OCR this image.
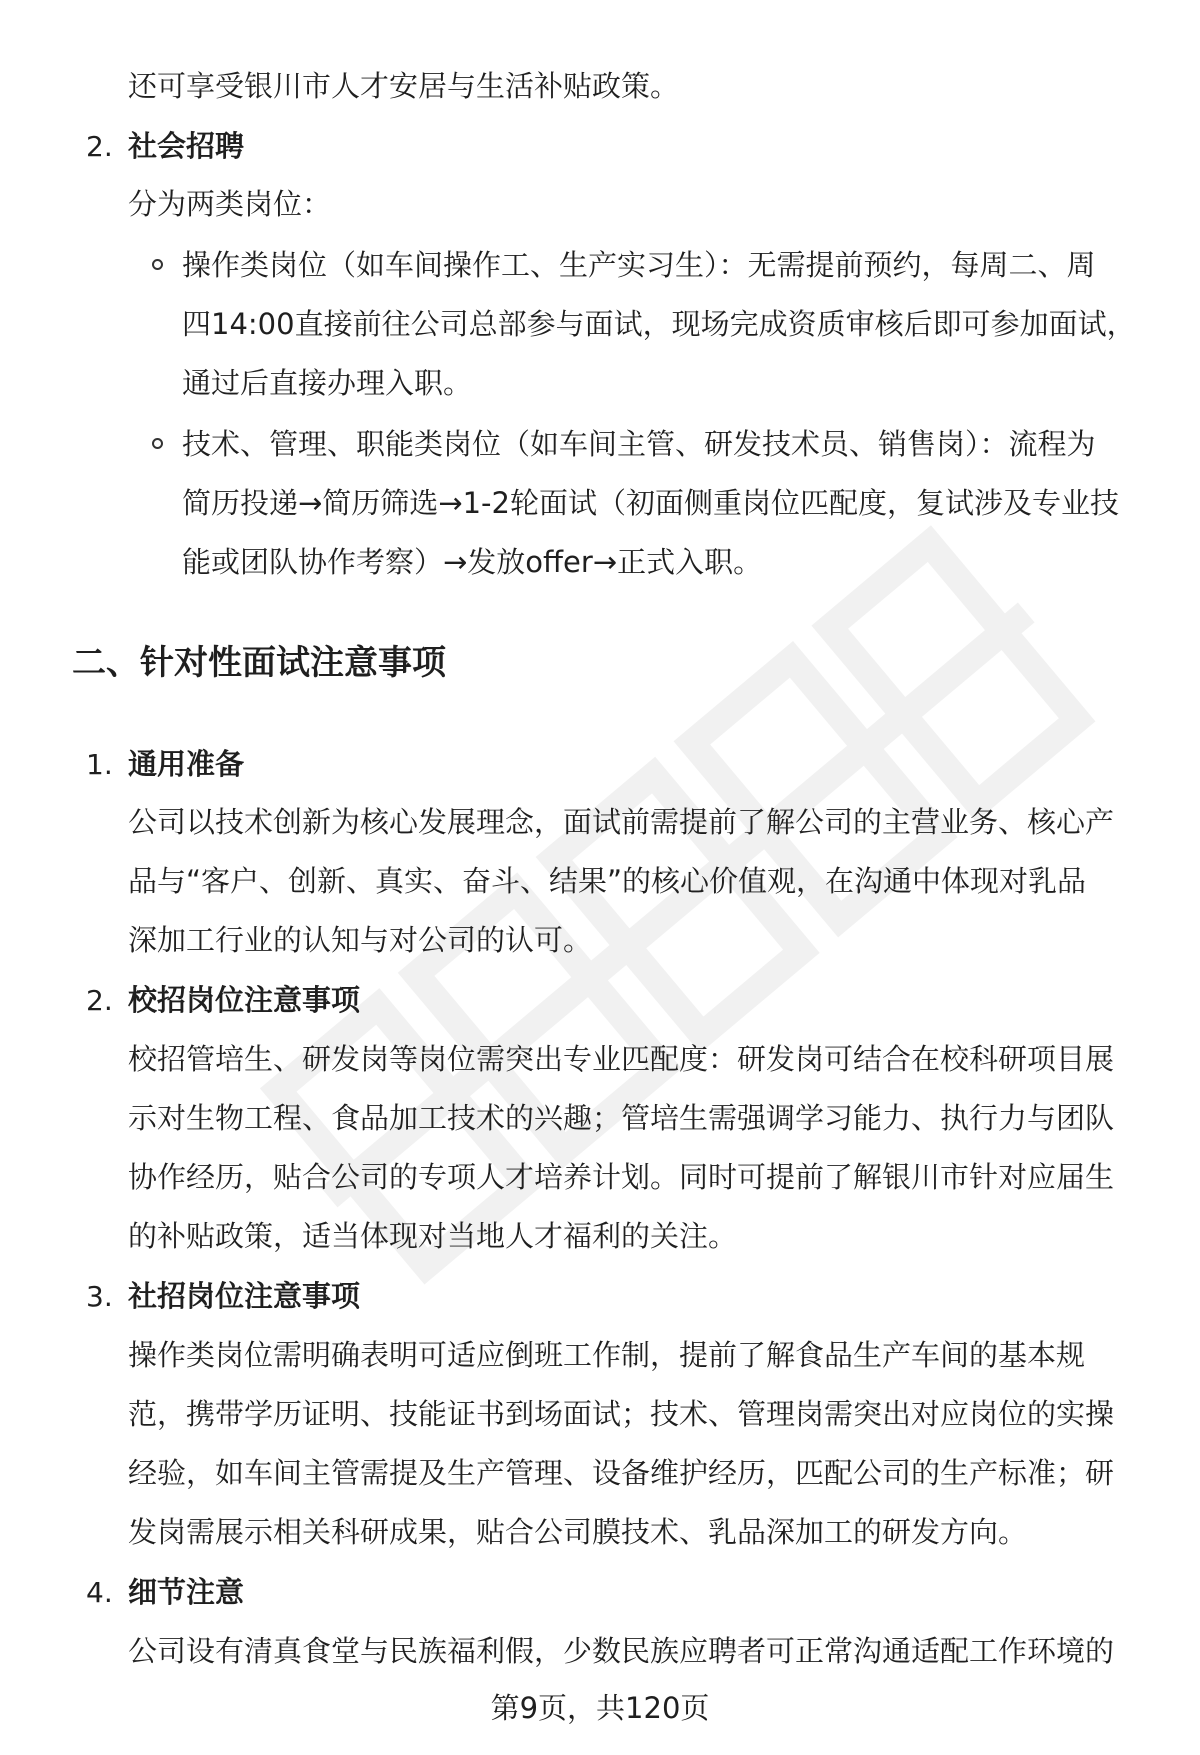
还可享受银川市人才安居与生活补贴政策。
2. 社会招聘
分为两类岗位：
操作类岗位（如车间操作工、生产实习生）：无需提前预约，每周二、周
四14:00直接前往公司总部参与面试，现场完成资质审核后即可参加面试，
通过后直接办理入职。
技术、管理、职能类岗位（如车间主管、研发技术员、销售岗）：流程为
简历投递→简历筛选→1-2轮面试（初面侧重岗位匹配度，复试涉及专业技
能或团队协作考察）→发放offer→正式入职。
二、针对性面试注意事项
1. 通用准备
公司以技术创新为核心发展理念，面试前需提前了解公司的主营业务、核心产
品与“客户、创新、真实、奋斗、结果”的核心价值观，在沟通中体现对乳品
深加工行业的认知与对公司的认可。
2. 校招岗位注意事项
校招管培生、研发岗等岗位需突出专业匹配度：研发岗可结合在校科研项目展
示对生物工程、食品加工技术的兴趣；管培生需强调学习能力、执行力与团队
协作经历，贴合公司的专项人才培养计划。同时可提前了解银川市针对应届生
的补贴政策，适当体现对当地人才福利的关注。
3. 社招岗位注意事项
操作类岗位需明确表明可适应倒班工作制，提前了解食品生产车间的基本规
范，携带学历证明、技能证书到场面试；技术、管理岗需突出对应岗位的实操
经验，如车间主管需提及生产管理、设备维护经历，匹配公司的生产标准；研
发岗需展示相关科研成果，贴合公司膜技术、乳品深加工的研发方向。
4. 细节注意
公司设有清真食堂与民族福利假，少数民族应聘者可正常沟通适配工作环境的
第9页，共120页
